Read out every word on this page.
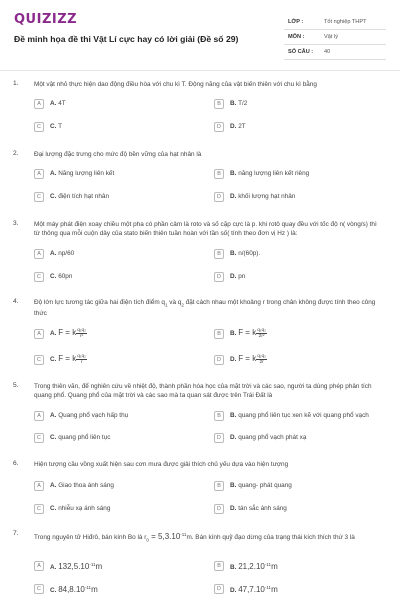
QUIZIZZ
Đề minh họa đề thi Vật Lí cực hay có lời giải (Đề số 29)
LỚP :	Tốt nghiệp THPT
MÔN :	Vật lý
SỐ CÂU : 40
1. Một vật nhỏ thực hiện dao động điều hòa với chu kì T. Động năng của vật biến thiên với chu kì bằng
A	A. 4T	B	B. T/2
C	C. T	D	D. 2T
2. Đại lượng đặc trưng cho mức độ bền vững của hạt nhân là
A	A. Năng lượng liên kết	B	B. năng lượng liên kết riêng
C	C. điện tích hạt nhân	D	D. khối lượng hạt nhân
3. Một máy phát điện xoay chiều một pha có phần cảm là roto và số cặp cực là p. khi rotô quay đều với tốc độ n( vòng/s) thì từ thông qua mỗi cuộn dây của stato biến thiên tuần hoàn với tần số( tính theo đơn vị Hz ) là:
A	A. np/60	B	B. n/(60p).
C	C. 60pn	D	D. pn
4. Độ lớn lực tương tác giữa hai điện tích điểm $q_1$ và $q_2$ đặt cách nhau một khoảng r trong chân không được tính theo công thức
A	A. F = k $\frac{\text{q₁q₂}}{\text{r²}}$	B	B. F = k $\frac{\text{q₁q₂}}{\text{2r²}}$
C	C. F = k $\frac{\text{q₁q₂}}{r}$	D	D. F = k $\frac{\text{q₁q₂}}{2r}$
5. Trong thiên văn, để nghiên cứu về nhiệt độ, thành phần hóa học của mặt trời và các sao, người ta dùng phép phân tích quang phổ. Quang phổ của mặt trời và các sao mà ta quan sát được trên Trái Đất là
A	A. Quang phổ vạch hấp thụ	B	B. quang phổ liên tục xen kẽ với quang phổ vạch
C	C. quang phổ liên tục	D	D. quang phổ vạch phát xạ
6. Hiện tượng cầu vồng xuất hiện sau cơn mưa được giải thích chủ yếu dựa vào hiện tượng
A	A. Giao thoa ánh sáng	B	B. quang- phát quang
C	C. nhiễu xạ ánh sáng	D	D. tán sắc ánh sáng
7.
Trong nguyên tử Hiđrô, bán kính Bo là $r_0 = 5,3.10^{-11}m$. Bán kính quỹ đạo dừng của trạng thái kích thích thứ 3 là
A	A. $132,5.10^{-11}m$	B	B. $21,2.10^{-11}m$
C	C. $84,8.10^{-11}m$	D	D. $47,7.10^{-11}m$
